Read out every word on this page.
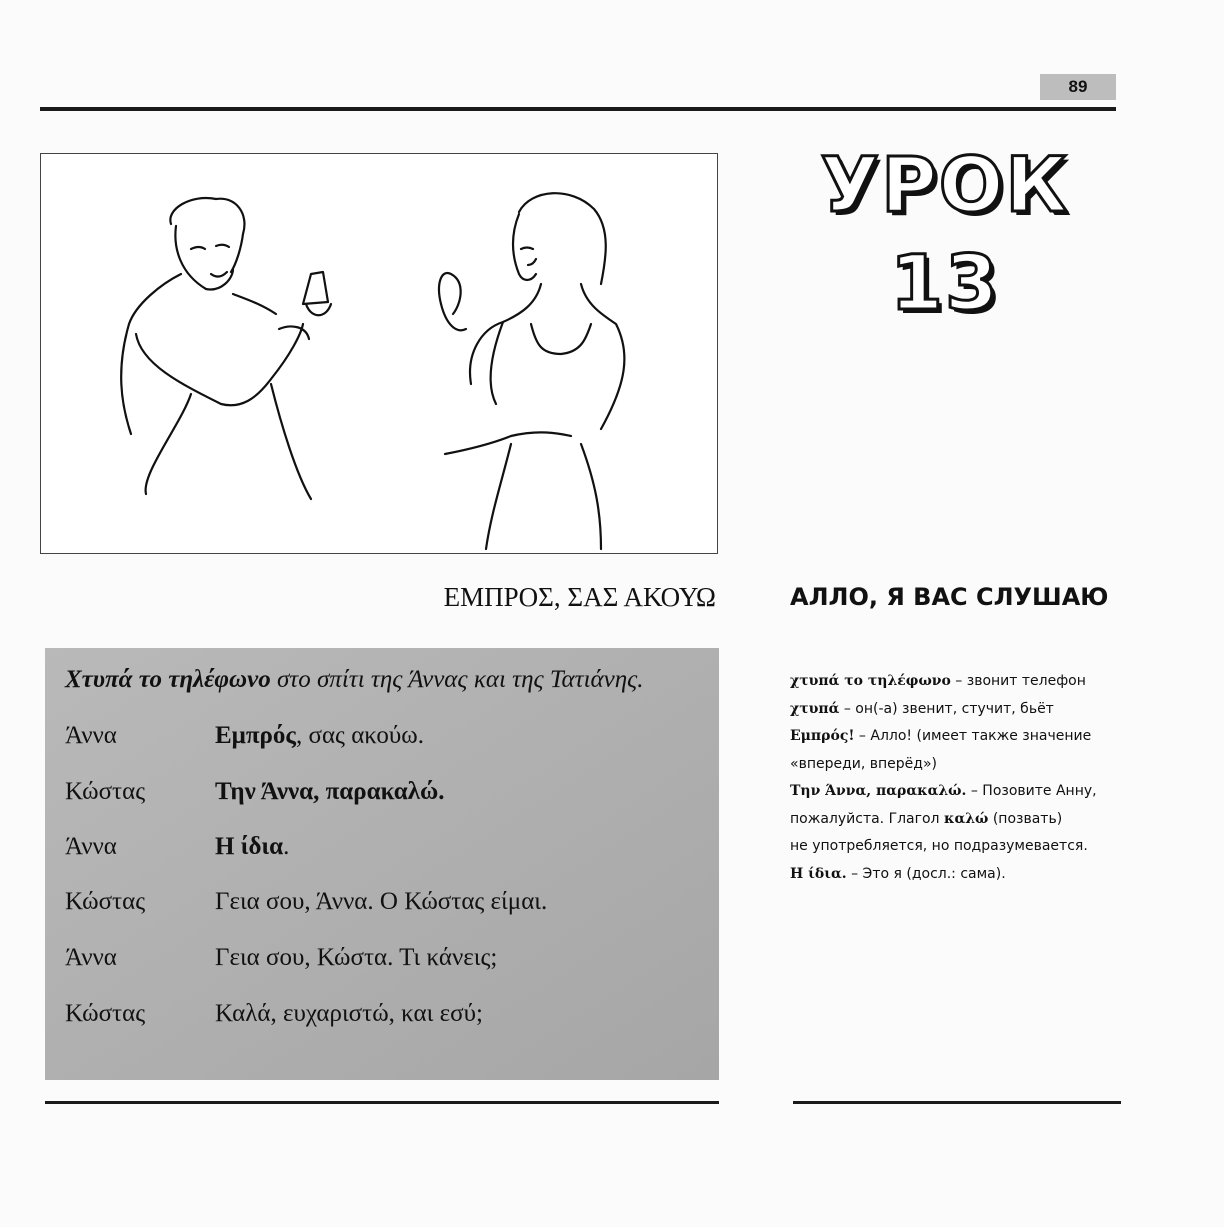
89
УРОК
13
ΕΜΠΡΟΣ, ΣΑΣ ΑΚΟΥΩ	АЛЛО, Я ВАС СЛУШАЮ
Χτυπά το τηλέφωνο στο σπίτι της Άννας και της Τατιάνης.
Άννα	Εμπρός, σας ακούω.
Κώστας	Την Άννα, παρακαλώ.
Άννα	Η ίδια.
Κώστας	Γεια σου, Άννα. Ο Κώστας είμαι.
Άννα	Γεια σου, Κώστα. Τι κάνεις;
Κώστας	Καλά, ευχαριστώ, και εσύ;
χτυπά το τηλέφωνο – звонит телефон
χτυπά – он(-а) звенит, стучит, бьёт
Εμπρός! – Алло! (имеет также значение
«впереди, вперёд»)
Την Άννα, παρακαλώ. – Позовите Анну,
пожалуйста. Глагол καλώ (позвать)
не употребляется, но подразумевается.
Η ίδια. – Это я (досл.: сама).
